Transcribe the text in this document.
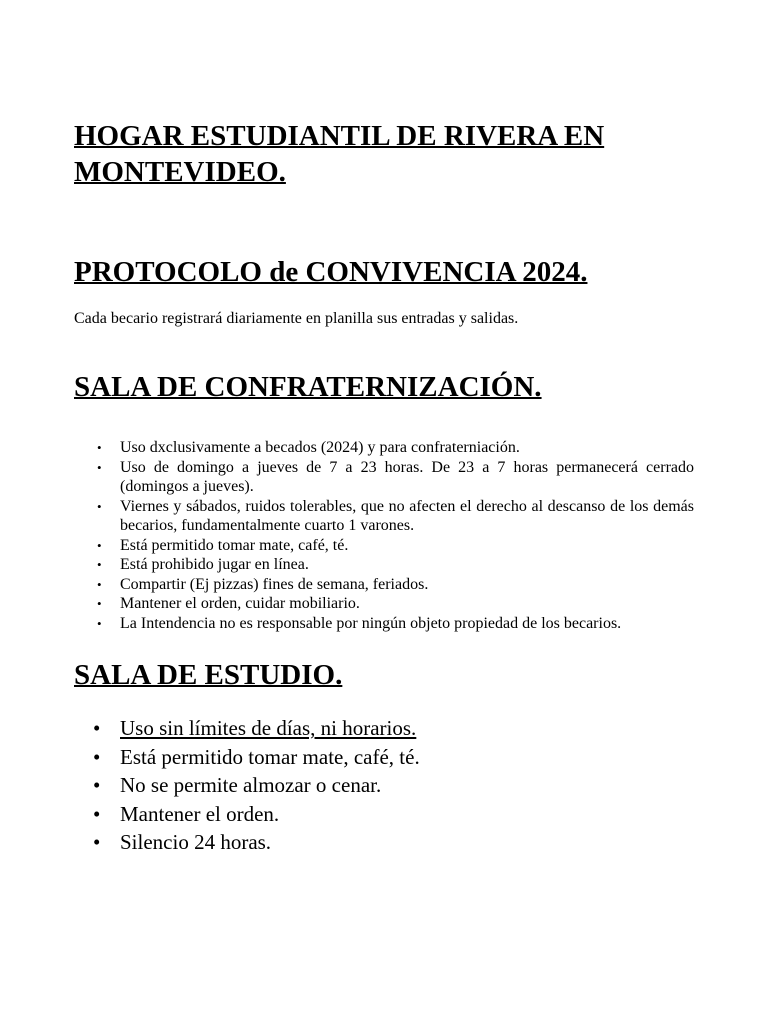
HOGAR ESTUDIANTIL DE RIVERA EN
MONTEVIDEO.
PROTOCOLO de CONVIVENCIA 2024.

Cada becario registrará diariamente en planilla sus entradas y salidas.

SALA DE CONFRATERNIZACIÓN.
• Uso dxclusivamente a becados (2024) y para confraterniación.
• Uso de domingo a jueves de 7 a 23 horas. De 23 a 7 horas permanecerá cerrado (domingos a jueves).
• Viernes y sábados, ruidos tolerables, que no afecten el derecho al descanso de los demás becarios, fundamentalmente cuarto 1 varones.
• Está permitido tomar mate, café, té.
• Está prohibido jugar en línea.
• Compartir (Ej pizzas) fines de semana, feriados.
• Mantener el orden, cuidar mobiliario.
• La Intendencia no es responsable por ningún objeto propiedad de los becarios.
SALA DE ESTUDIO.
• Uso sin límites de días, ni horarios.
• Está permitido tomar mate, café, té.
• No se permite almozar o cenar.
• Mantener el orden.
• Silencio 24 horas.
